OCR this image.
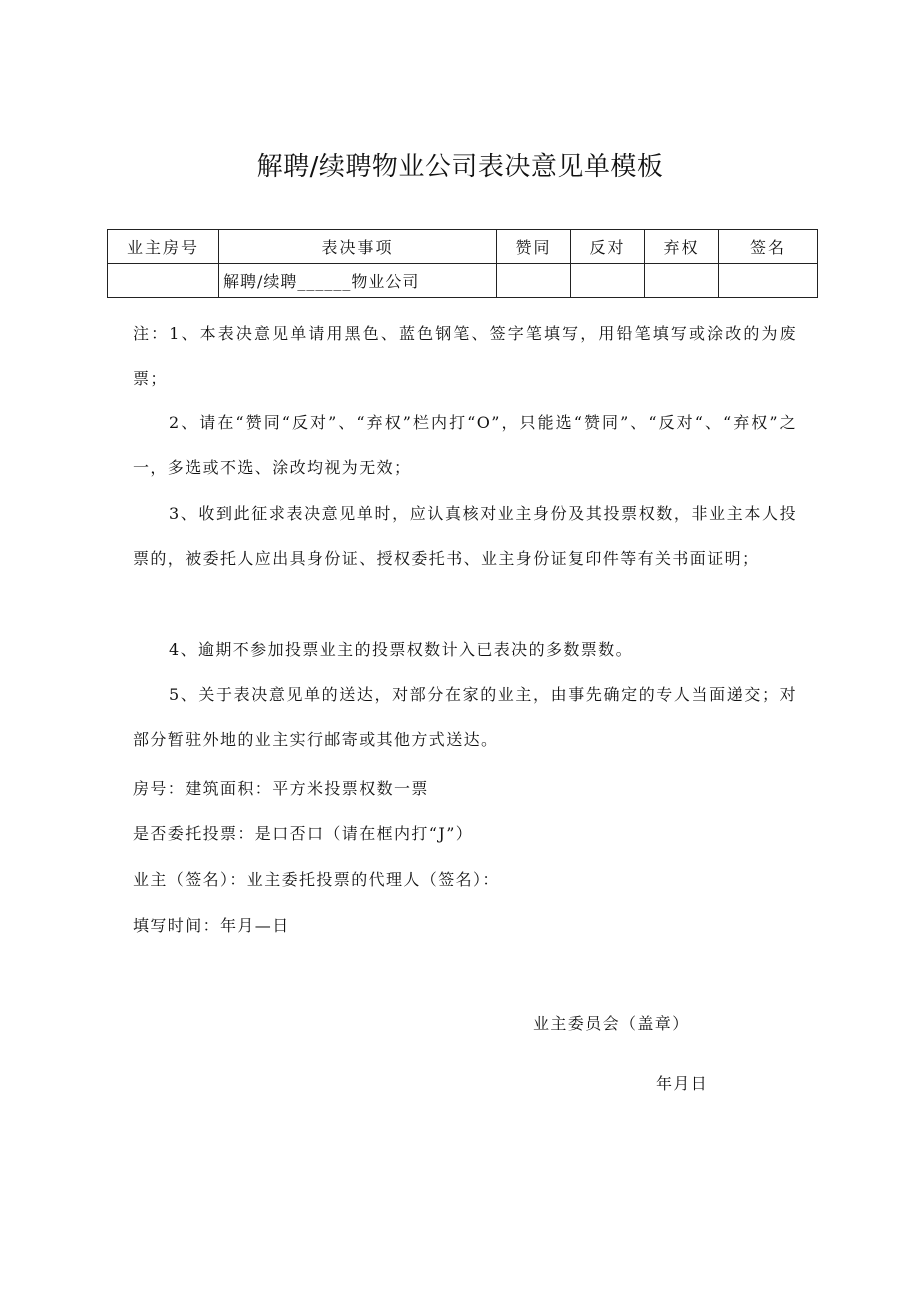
解聘/续聘物业公司表决意见单模板
业主房号	表决事项	赞同	反对	弃权	签名
	解聘/续聘______物业公司				
注：1、本表决意见单请用黑色、蓝色钢笔、签字笔填写，用铅笔填写或涂改的为废票；
2、请在“赞同“反对”、“弃权”栏内打“O”，只能选“赞同”、“反对“、“弃权”之一，多选或不选、涂改均视为无效；
3、收到此征求表决意见单时，应认真核对业主身份及其投票权数，非业主本人投票的，被委托人应出具身份证、授权委托书、业主身份证复印件等有关书面证明；
4、逾期不参加投票业主的投票权数计入已表决的多数票数。
5、关于表决意见单的送达，对部分在家的业主，由事先确定的专人当面递交；对部分暂驻外地的业主实行邮寄或其他方式送达。
房号：建筑面积：平方米投票权数一票
是否委托投票：是口否口（请在框内打“J”）
业主（签名）：业主委托投票的代理人（签名）：
填写时间：年月—日
业主委员会（盖章）
年月日
